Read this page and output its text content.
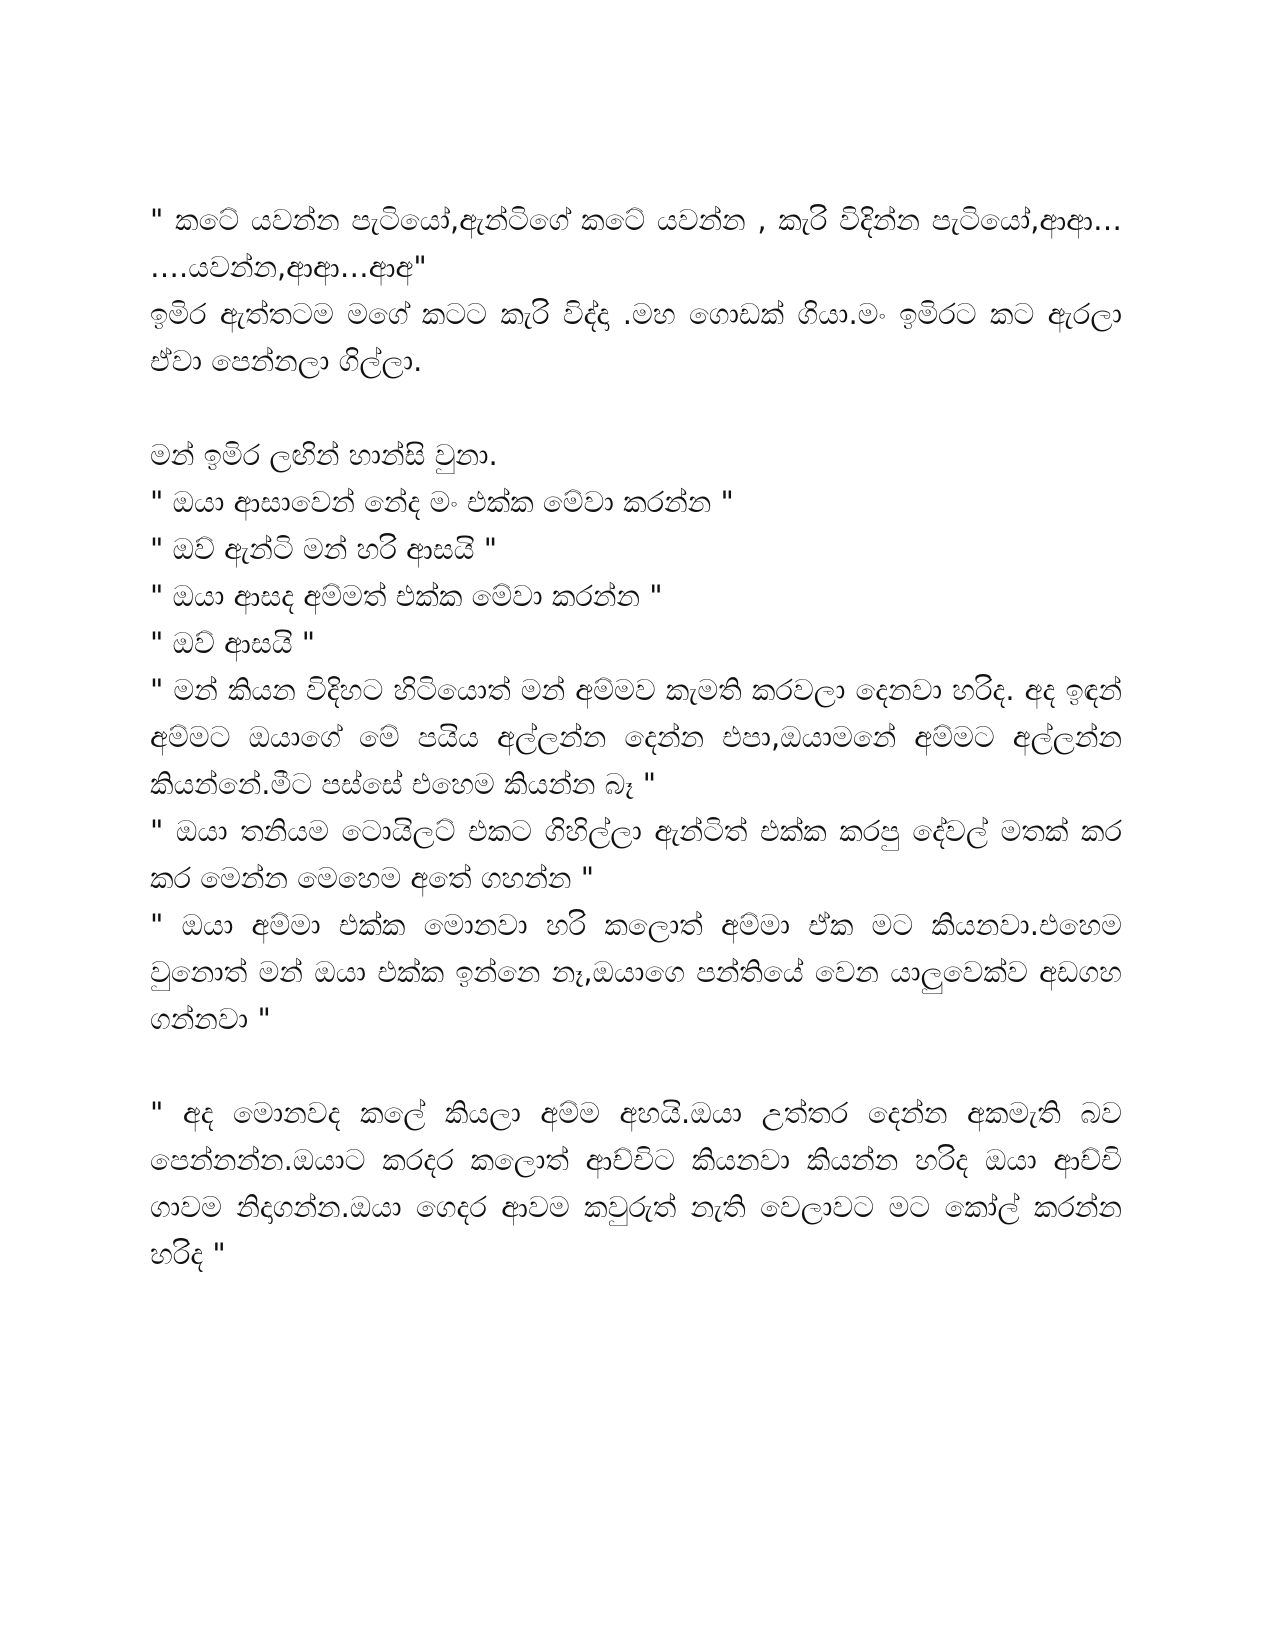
" කටේ යවන්න පැටියෝ,ඇන්ටිගේ කටේ යවන්න , කැරි විදින්න පැටියෝ,ආආ… ….යවන්න,ආආ…ආඅ"

ඉමිර ඇත්තටම මගේ කටට කැරි විද්දා .මහ ගොඩක් ගියා.මං ඉමිරට කට ඇරලා ඒවා පෙන්නලා ගිල්ලා.

මන් ඉමිර ලඟින් හාන්සි වුනා.

" ඔයා ආසාවෙන් නේද මං එක්ක මේවා කරන්න "

" ඔව් ඇන්ටි මන් හරි ආසයි "

" ඔයා ආසද අම්මත් එක්ක මේවා කරන්න "

" ඔව් ආසයි "

" මන් කියන විදිහට හිටියොත් මන් අම්මව කැමති කරවලා දෙනවා හරිද. අද ඉඳන් අම්මට ඔයාගේ මේ පයිය අල්ලන්න දෙන්න එපා,ඔයාමනේ අම්මට අල්ලන්න කියන්නේ.මීට පස්සේ එහෙම කියන්න බෑ "

" ඔයා තනියම ටොයිලට් එකට ගිහිල්ලා ඇන්ටිත් එක්ක කරපු දේවල් මතක් කර කර මෙන්න මෙහෙම අතේ ගහන්න "

" ඔයා අම්මා එක්ක මොනවා හරි කලොත් අම්මා ඒක මට කියනවා.එහෙම වුනොත් මන් ඔයා එක්ක ඉන්නෙ නෑ,ඔයාගෙ පන්තියේ වෙන යාලුවෙක්ව අඩගහ ගන්නවා "

" අද මොනවද කලේ කියලා අම්ම අහයි.ඔයා උත්තර දෙන්න අකමැති බව පෙන්නන්න.ඔයාට කරදර කලොත් ආච්චිට කියනවා කියන්න හරිද ඔයා ආච්චි ගාවම නිදාගන්න.ඔයා ගෙදර ආවම කවුරුත් නැති වෙලාවට මට කෝල් කරන්න හරිද "
